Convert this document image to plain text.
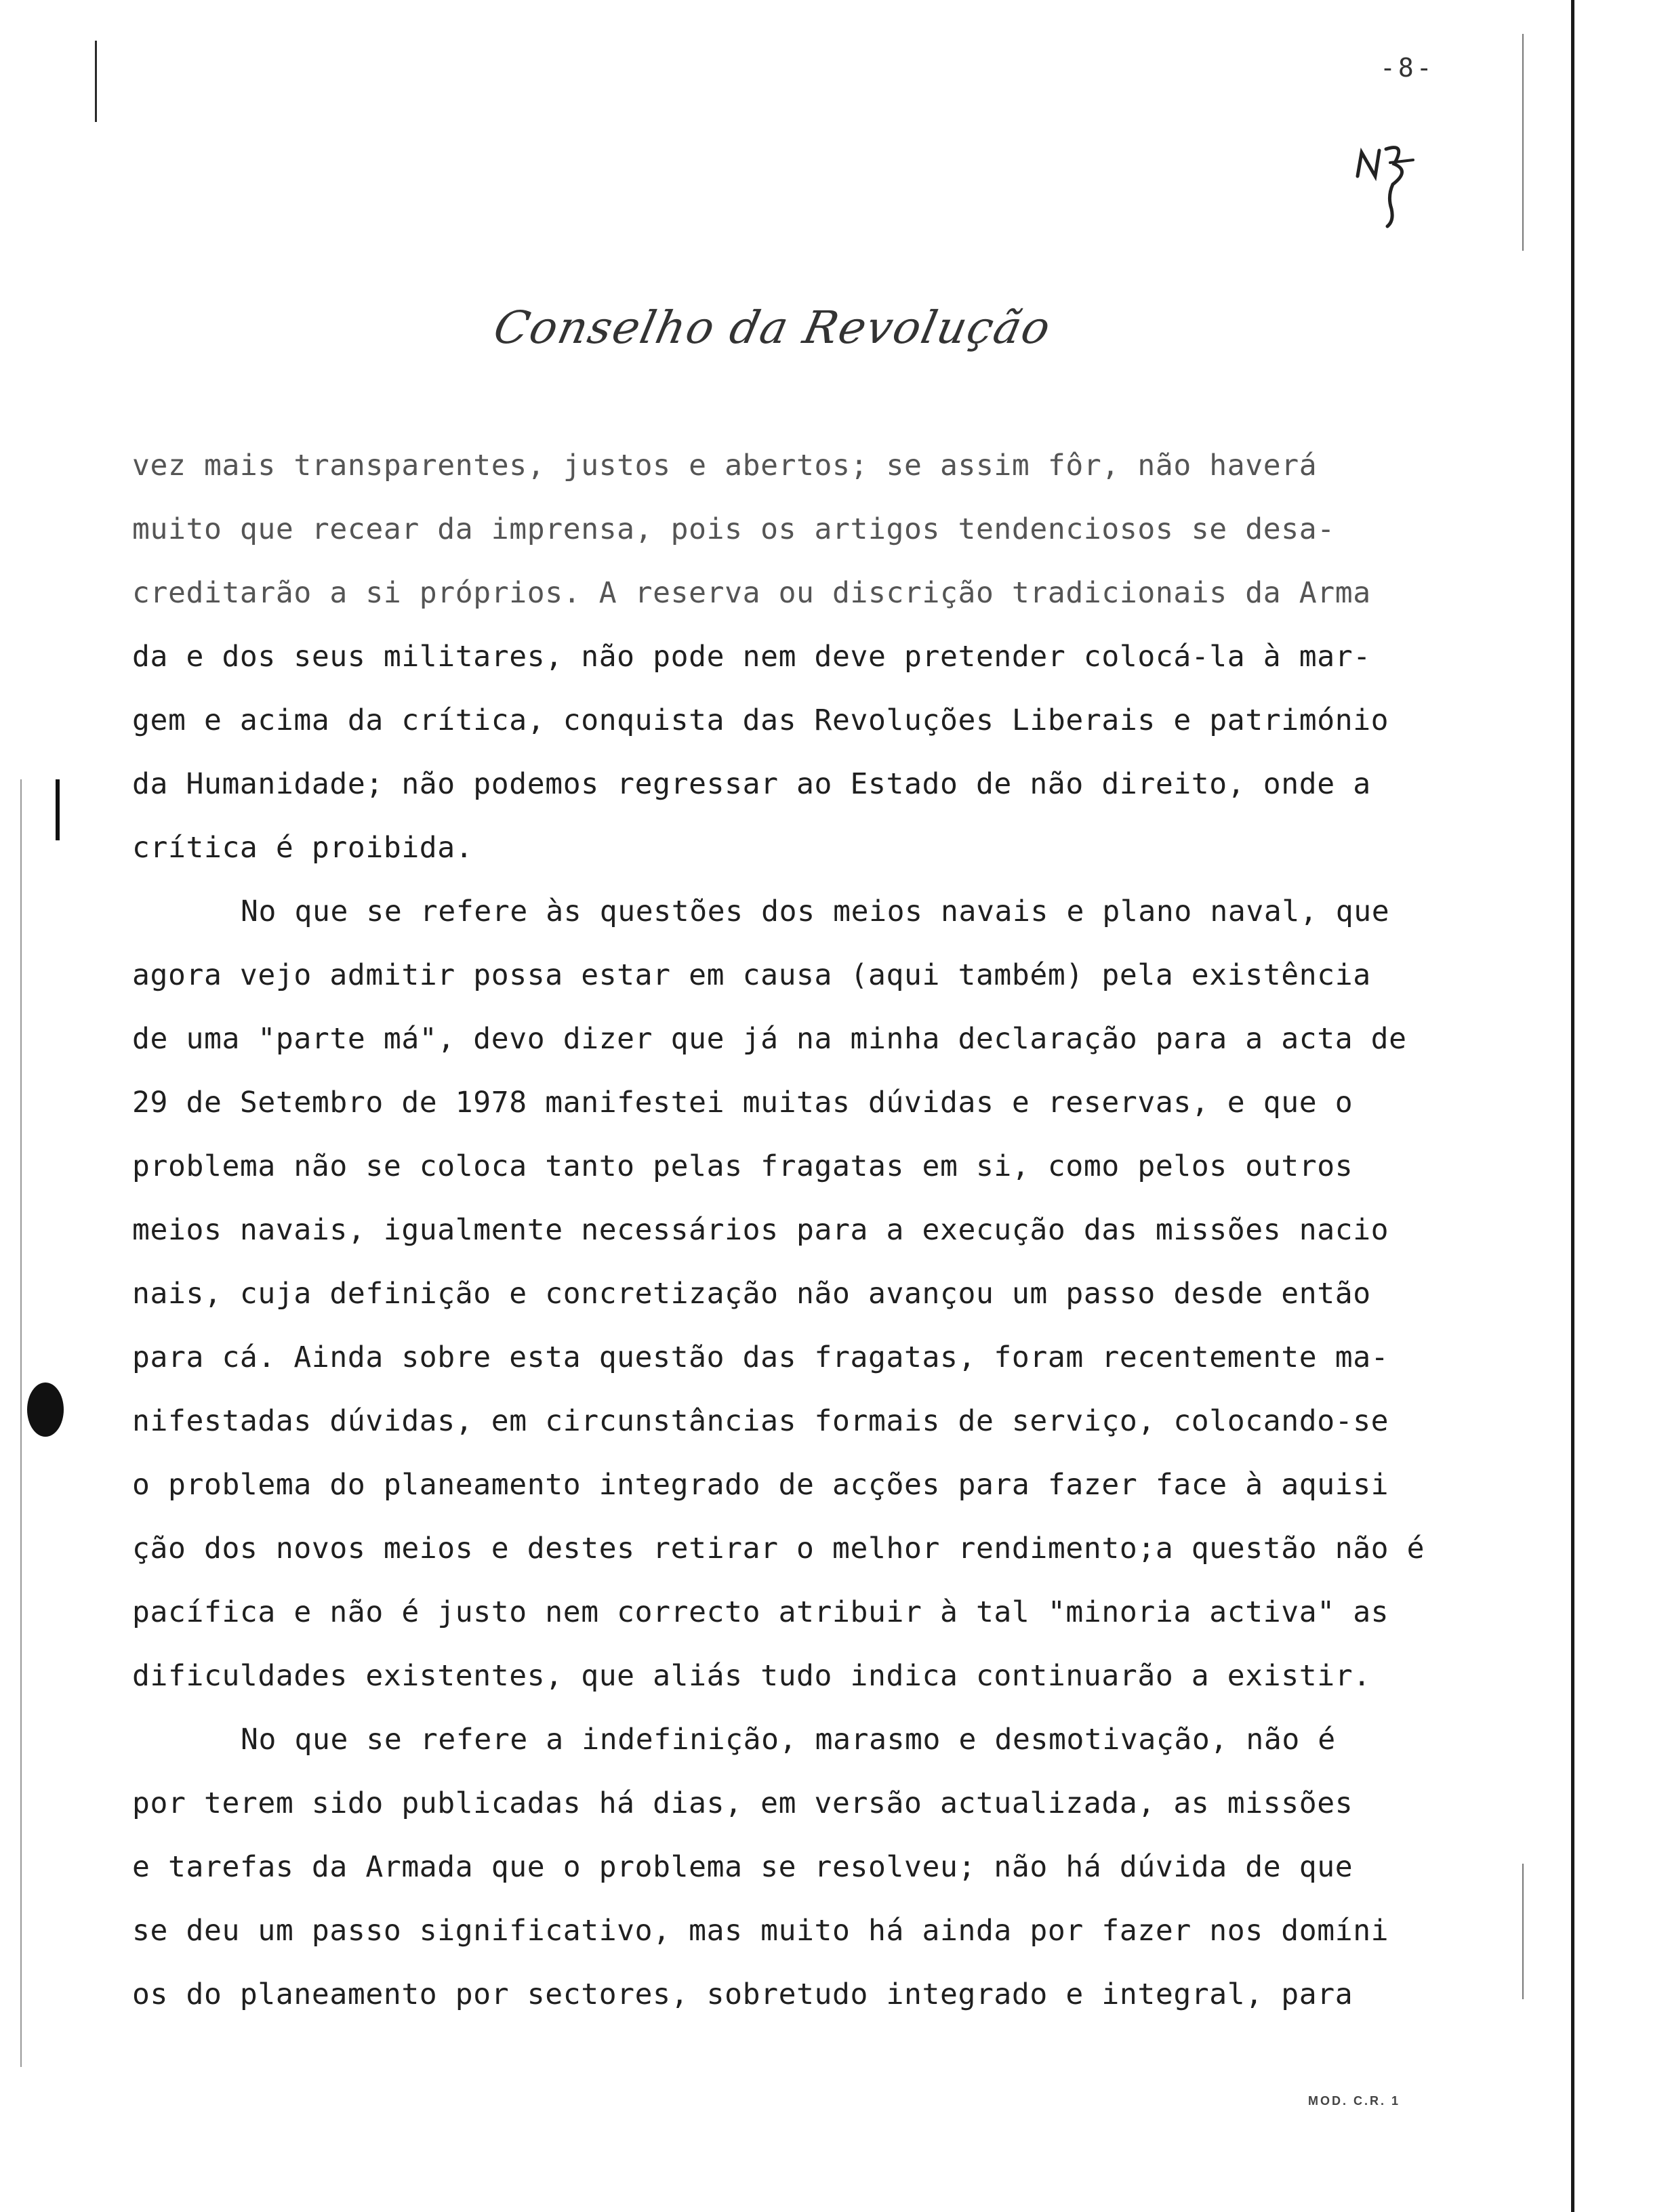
-8-
Conselho da Revolução
vez mais transparentes, justos e abertos; se assim fôr, não haverá
muito que recear da imprensa, pois os artigos tendenciosos se desa-
creditarão a si próprios. A reserva ou discrição tradicionais da Arma
da e dos seus militares, não pode nem deve pretender colocá-la à mar-
gem e acima da crítica, conquista das Revoluções Liberais e património
da Humanidade; não podemos regressar ao Estado de não direito, onde a
crítica é proibida.
No que se refere às questões dos meios navais e plano naval, que
agora vejo admitir possa estar em causa (aqui também) pela existência
de uma "parte má", devo dizer que já na minha declaração para a acta de
29 de Setembro de 1978 manifestei muitas dúvidas e reservas, e que o
problema não se coloca tanto pelas fragatas em si, como pelos outros
meios navais, igualmente necessários para a execução das missões nacio
nais, cuja definição e concretização não avançou um passo desde então
para cá. Ainda sobre esta questão das fragatas, foram recentemente ma-
nifestadas dúvidas, em circunstâncias formais de serviço, colocando-se
o problema do planeamento integrado de acções para fazer face à aquisi
ção dos novos meios e destes retirar o melhor rendimento;a questão não é
pacífica e não é justo nem correcto atribuir à tal "minoria activa" as
dificuldades existentes, que aliás tudo indica continuarão a existir.
No que se refere a indefinição, marasmo e desmotivação, não é
por terem sido publicadas há dias, em versão actualizada, as missões
e tarefas da Armada que o problema se resolveu; não há dúvida de que
se deu um passo significativo, mas muito há ainda por fazer nos domíni
os do planeamento por sectores, sobretudo integrado e integral, para
MOD. C.R. 1
